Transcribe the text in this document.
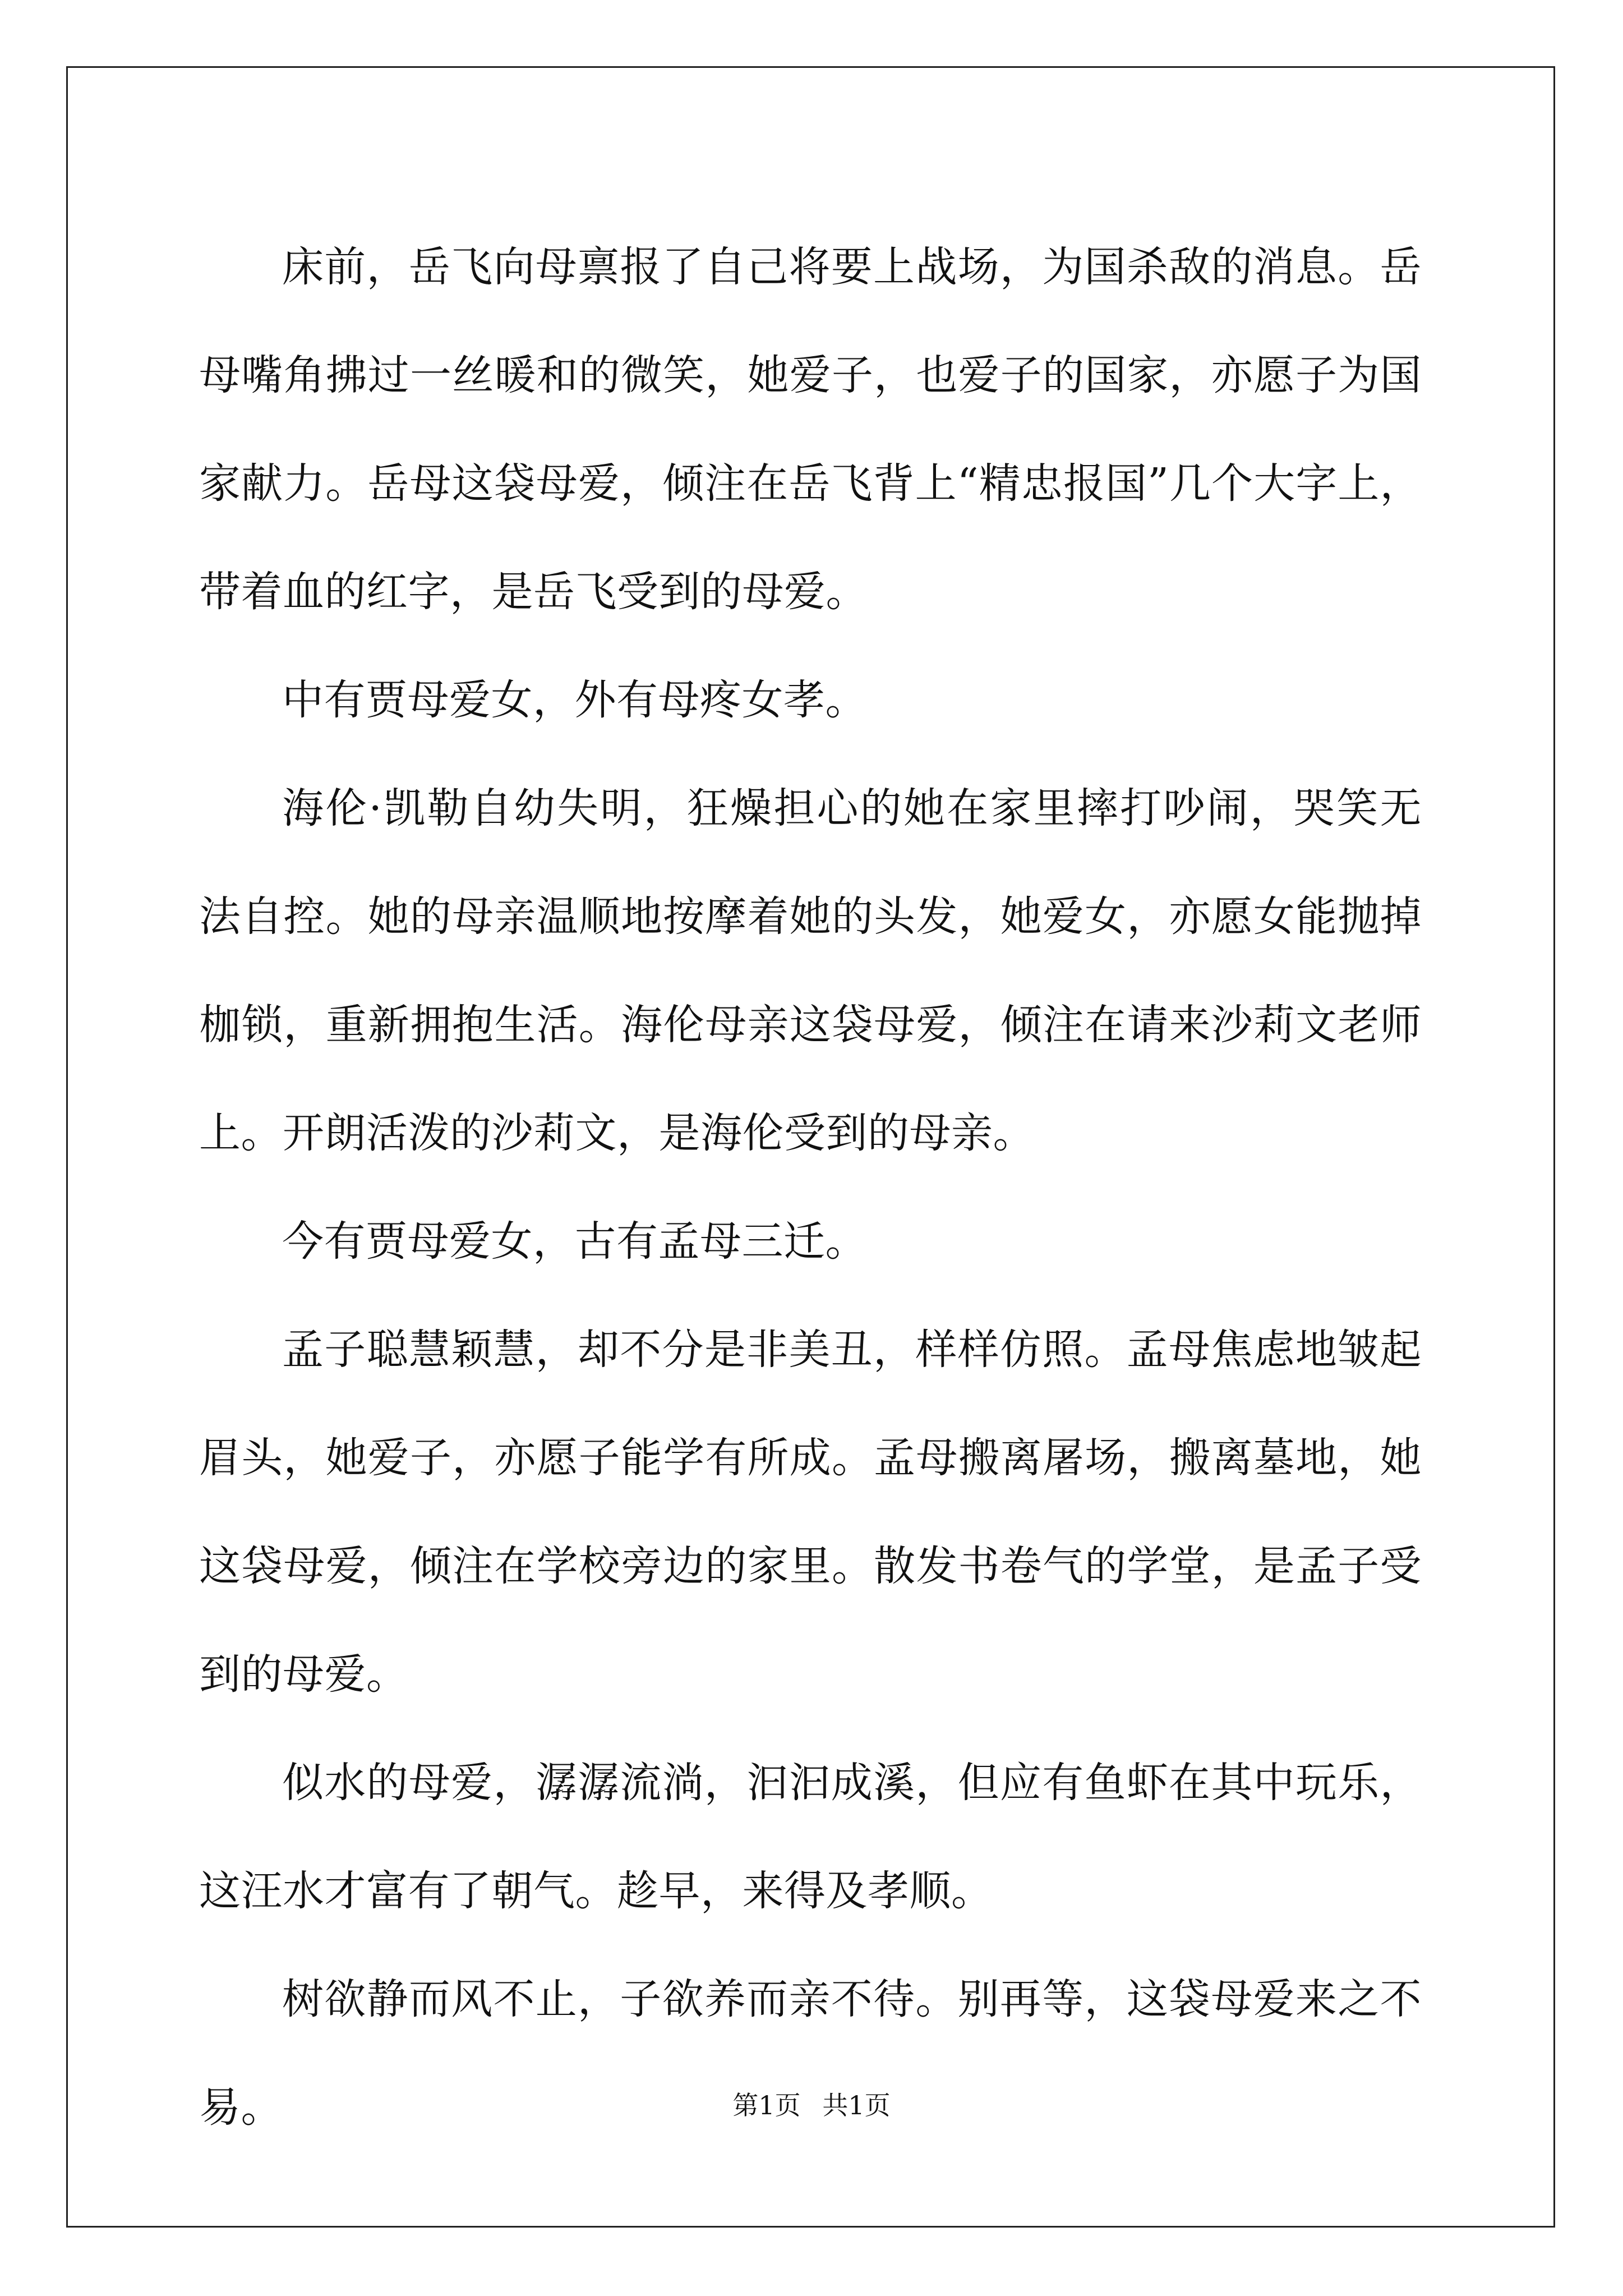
床前，岳飞向母禀报了自己将要上战场，为国杀敌的消息。岳母嘴角拂过一丝暖和的微笑，她爱子，也爱子的国家，亦愿子为国家献力。岳母这袋母爱，倾注在岳飞背上“精忠报国”几个大字上，带着血的红字，是岳飞受到的母爱。

中有贾母爱女，外有母疼女孝。

海伦·凯勒自幼失明，狂燥担心的她在家里摔打吵闹，哭笑无法自控。她的母亲温顺地按摩着她的头发，她爱女，亦愿女能抛掉枷锁，重新拥抱生活。海伦母亲这袋母爱，倾注在请来沙莉文老师上。开朗活泼的沙莉文，是海伦受到的母亲。

今有贾母爱女，古有孟母三迁。

孟子聪慧颖慧，却不分是非美丑，样样仿照。孟母焦虑地皱起眉头，她爱子，亦愿子能学有所成。孟母搬离屠场，搬离墓地，她这袋母爱，倾注在学校旁边的家里。散发书卷气的学堂，是孟子受到的母爱。

似水的母爱，潺潺流淌，汩汩成溪，但应有鱼虾在其中玩乐，这汪水才富有了朝气。趁早，来得及孝顺。

树欲静而风不止，子欲养而亲不待。别再等，这袋母爱来之不易。	第1页 共1页
